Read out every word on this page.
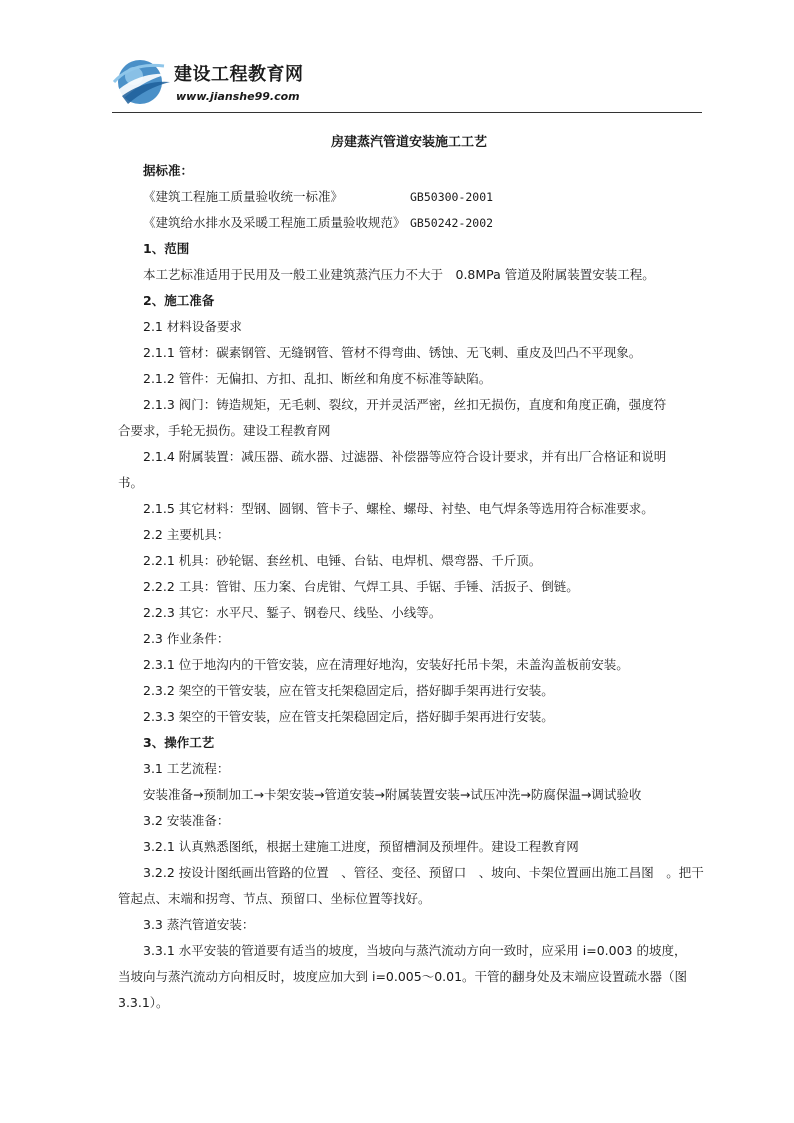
建设工程教育网
www.jianshe99.com
房建蒸汽管道安装施工工艺
据标准：
《建筑工程施工质量验收统一标准》	GB50300-2001
《建筑给水排水及采暖工程施工质量验收规范》 GB50242-2002
1、范围
本工艺标准适用于民用及一般工业建筑蒸汽压力不大于　0.8MPa 管道及附属装置安装工程。
2、施工准备
2.1 材料设备要求
2.1.1 管材：碳素钢管、无缝钢管、管材不得弯曲、锈蚀、无飞刺、重皮及凹凸不平现象。
2.1.2 管件：无偏扣、方扣、乱扣、断丝和角度不标准等缺陷。
2.1.3 阀门：铸造规矩，无毛刺、裂纹，开并灵活严密，丝扣无损伤，直度和角度正确，强度符
合要求，手轮无损伤。建设工程教育网
2.1.4 附属装置：减压器、疏水器、过滤器、补偿器等应符合设计要求，并有出厂合格证和说明
书。
2.1.5 其它材料：型钢、圆钢、管卡子、螺栓、螺母、衬垫、电气焊条等选用符合标准要求。
2.2 主要机具：
2.2.1 机具：砂轮锯、套丝机、电锤、台钻、电焊机、煨弯器、千斤顶。
2.2.2 工具：管钳、压力案、台虎钳、气焊工具、手锯、手锤、活扳子、倒链。
2.2.3 其它：水平尺、錾子、钢卷尺、线坠、小线等。
2.3 作业条件：
2.3.1 位于地沟内的干管安装，应在清理好地沟，安装好托吊卡架，未盖沟盖板前安装。
2.3.2 架空的干管安装，应在管支托架稳固定后，搭好脚手架再进行安装。
2.3.3 架空的干管安装，应在管支托架稳固定后，搭好脚手架再进行安装。
3、操作工艺
3.1 工艺流程：
安装准备→预制加工→卡架安装→管道安装→附属装置安装→试压冲洗→防腐保温→调试验收
3.2 安装准备：
3.2.1 认真熟悉图纸，根据土建施工进度，预留槽洞及预埋件。建设工程教育网
3.2.2 按设计图纸画出管路的位置　、管径、变径、预留口　、坡向、卡架位置画出施工昌图　。把干
管起点、末端和拐弯、节点、预留口、坐标位置等找好。
3.3 蒸汽管道安装：
3.3.1 水平安装的管道要有适当的坡度，当坡向与蒸汽流动方向一致时，应采用 i=0.003 的坡度，
当坡向与蒸汽流动方向相反时，坡度应加大到 i=0.005～0.01。干管的翻身处及末端应设置疏水器（图
3.3.1）。
